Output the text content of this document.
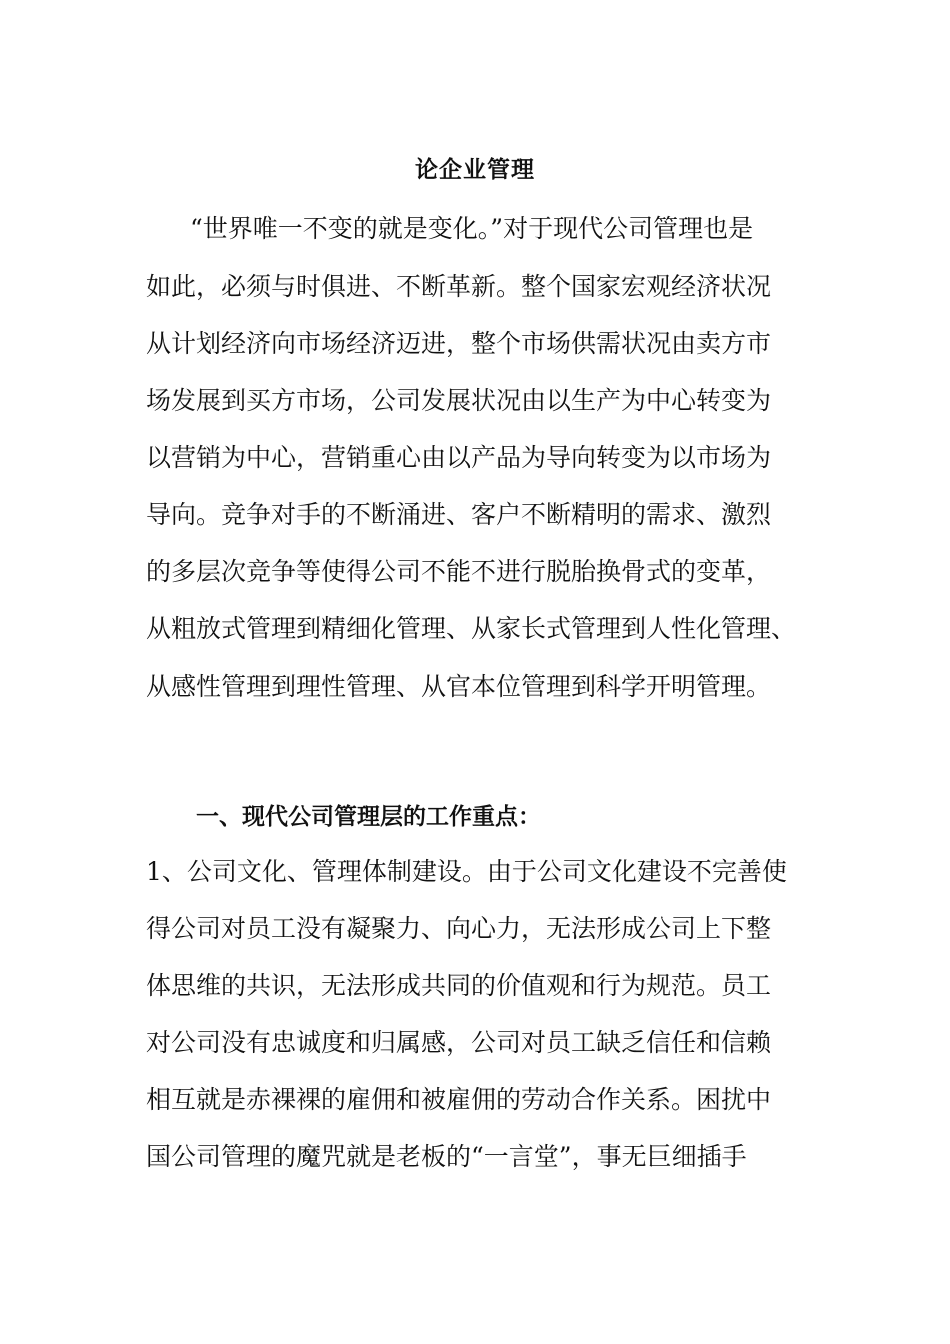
论企业管理
“世界唯一不变的就是变化。”对于现代公司管理也是
如此，必须与时俱进、不断革新。整个国家宏观经济状况
从计划经济向市场经济迈进，整个市场供需状况由卖方市
场发展到买方市场，公司发展状况由以生产为中心转变为
以营销为中心，营销重心由以产品为导向转变为以市场为
导向。竞争对手的不断涌进、客户不断精明的需求、激烈
的多层次竞争等使得公司不能不进行脱胎换骨式的变革，
从粗放式管理到精细化管理、从家长式管理到人性化管理、
从感性管理到理性管理、从官本位管理到科学开明管理。
一、现代公司管理层的工作重点：
1、公司文化、管理体制建设。由于公司文化建设不完善使
得公司对员工没有凝聚力、向心力，无法形成公司上下整
体思维的共识，无法形成共同的价值观和行为规范。员工
对公司没有忠诚度和归属感，公司对员工缺乏信任和信赖
相互就是赤裸裸的雇佣和被雇佣的劳动合作关系。困扰中
国公司管理的魔咒就是老板的“一言堂”，事无巨细插手
